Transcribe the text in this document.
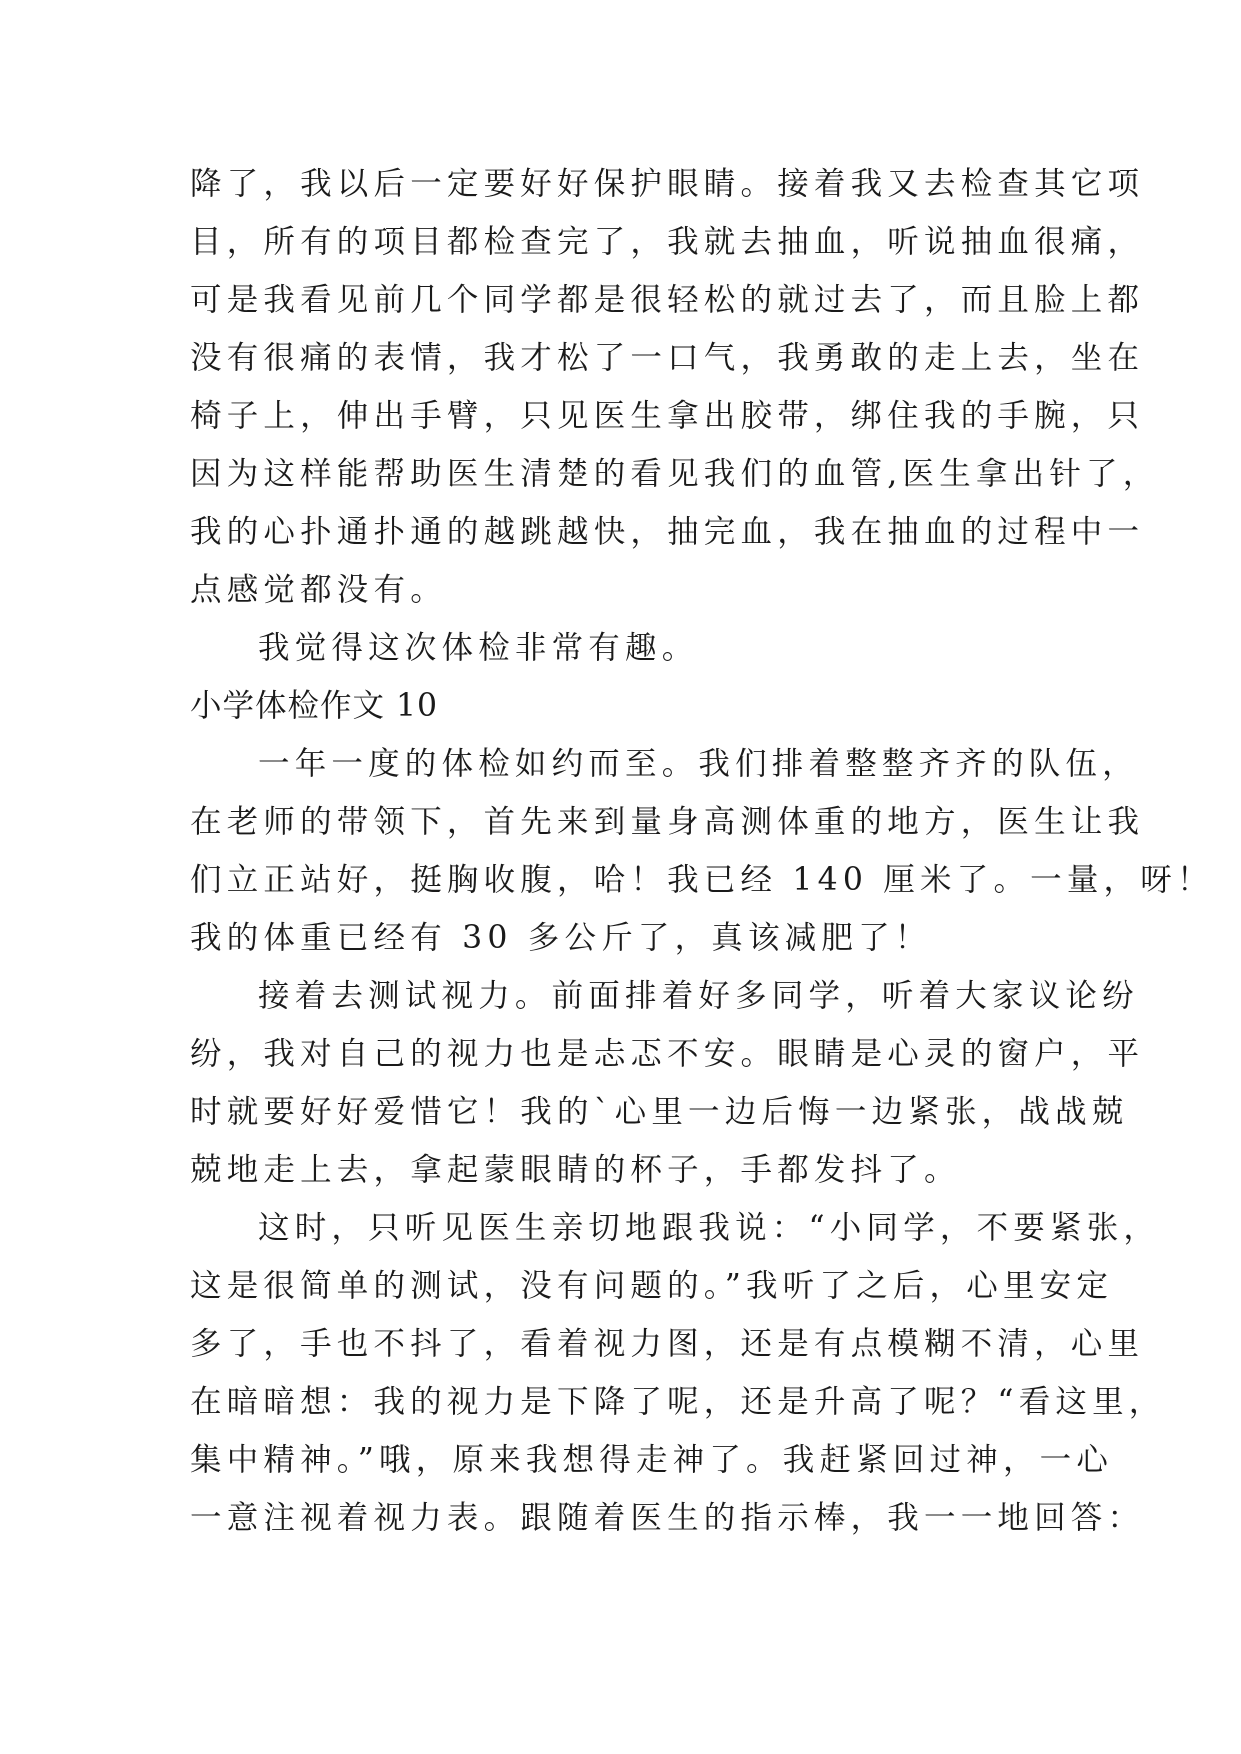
降了，我以后一定要好好保护眼睛。接着我又去检查其它项
目，所有的项目都检查完了，我就去抽血，听说抽血很痛，
可是我看见前几个同学都是很轻松的就过去了，而且脸上都
没有很痛的表情，我才松了一口气，我勇敢的走上去，坐在
椅子上，伸出手臂，只见医生拿出胶带，绑住我的手腕，只
因为这样能帮助医生清楚的看见我们的血管,医生拿出针了，
我的心扑通扑通的越跳越快，抽完血，我在抽血的过程中一
点感觉都没有。
我觉得这次体检非常有趣。
小学体检作文 10
一年一度的体检如约而至。我们排着整整齐齐的队伍，
在老师的带领下，首先来到量身高测体重的地方，医生让我
们立正站好，挺胸收腹，哈！我已经 140 厘米了。一量，呀！
我的体重已经有 30 多公斤了，真该减肥了！
接着去测试视力。前面排着好多同学，听着大家议论纷
纷，我对自己的视力也是忐忑不安。眼睛是心灵的窗户，平
时就要好好爱惜它！我的`心里一边后悔一边紧张，战战兢
兢地走上去，拿起蒙眼睛的杯子，手都发抖了。
这时，只听见医生亲切地跟我说：“小同学，不要紧张，
这是很简单的测试，没有问题的。”我听了之后，心里安定
多了，手也不抖了，看着视力图，还是有点模糊不清，心里
在暗暗想：我的视力是下降了呢，还是升高了呢？“看这里，
集中精神。”哦，原来我想得走神了。我赶紧回过神，一心
一意注视着视力表。跟随着医生的指示棒，我一一地回答：
